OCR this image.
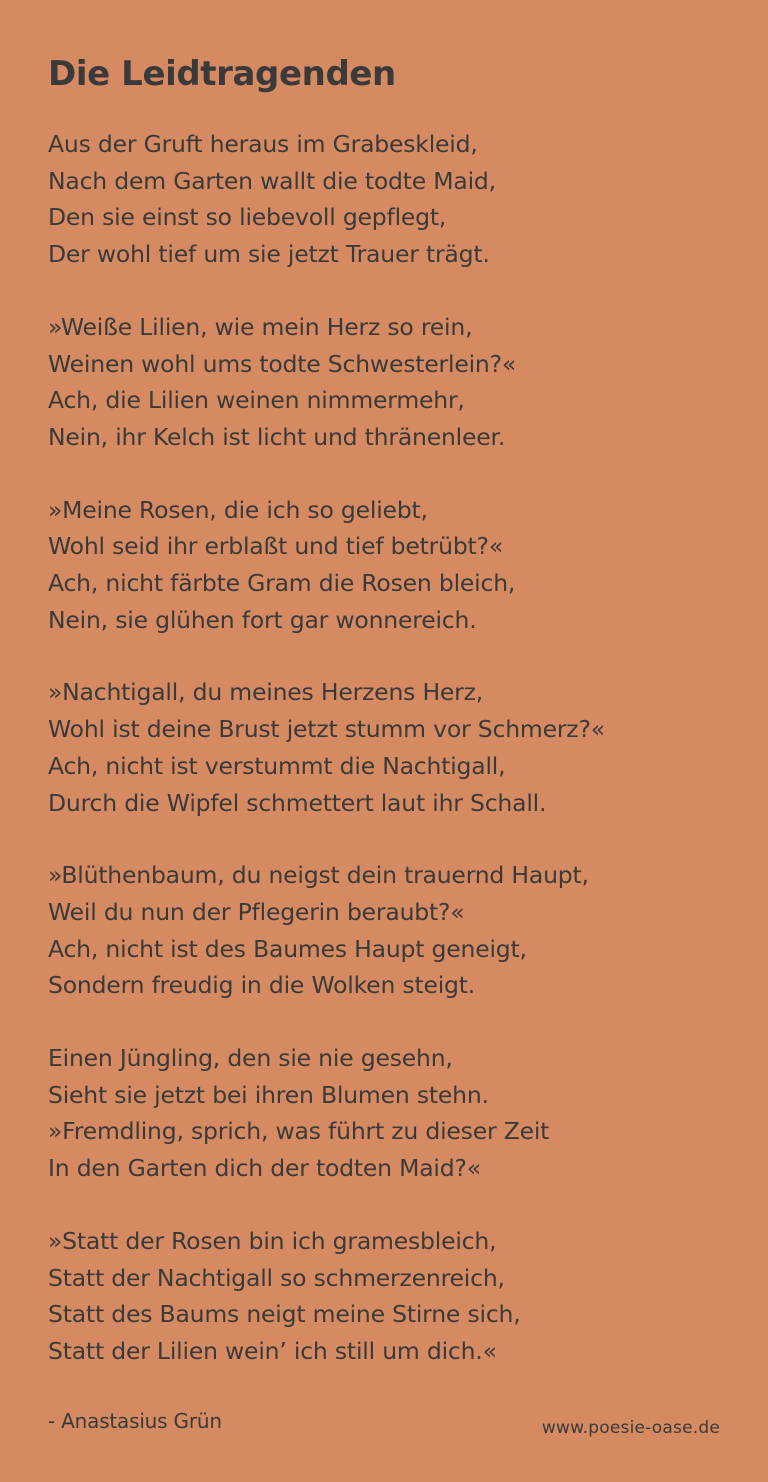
Die Leidtragenden
Aus der Gruft heraus im Grabeskleid,
Nach dem Garten wallt die todte Maid,
Den sie einst so liebevoll gepflegt,
Der wohl tief um sie jetzt Trauer trägt.
»Weiße Lilien, wie mein Herz so rein,
Weinen wohl ums todte Schwesterlein?«
Ach, die Lilien weinen nimmermehr,
Nein, ihr Kelch ist licht und thränenleer.
»Meine Rosen, die ich so geliebt,
Wohl seid ihr erblaßt und tief betrübt?«
Ach, nicht färbte Gram die Rosen bleich,
Nein, sie glühen fort gar wonnereich.
»Nachtigall, du meines Herzens Herz,
Wohl ist deine Brust jetzt stumm vor Schmerz?«
Ach, nicht ist verstummt die Nachtigall,
Durch die Wipfel schmettert laut ihr Schall.
»Blüthenbaum, du neigst dein trauernd Haupt,
Weil du nun der Pflegerin beraubt?«
Ach, nicht ist des Baumes Haupt geneigt,
Sondern freudig in die Wolken steigt.
Einen Jüngling, den sie nie gesehn,
Sieht sie jetzt bei ihren Blumen stehn.
»Fremdling, sprich, was führt zu dieser Zeit
In den Garten dich der todten Maid?«
»Statt der Rosen bin ich gramesbleich,
Statt der Nachtigall so schmerzenreich,
Statt des Baums neigt meine Stirne sich,
Statt der Lilien wein’ ich still um dich.«
- Anastasius Grün	www.poesie-oase.de
